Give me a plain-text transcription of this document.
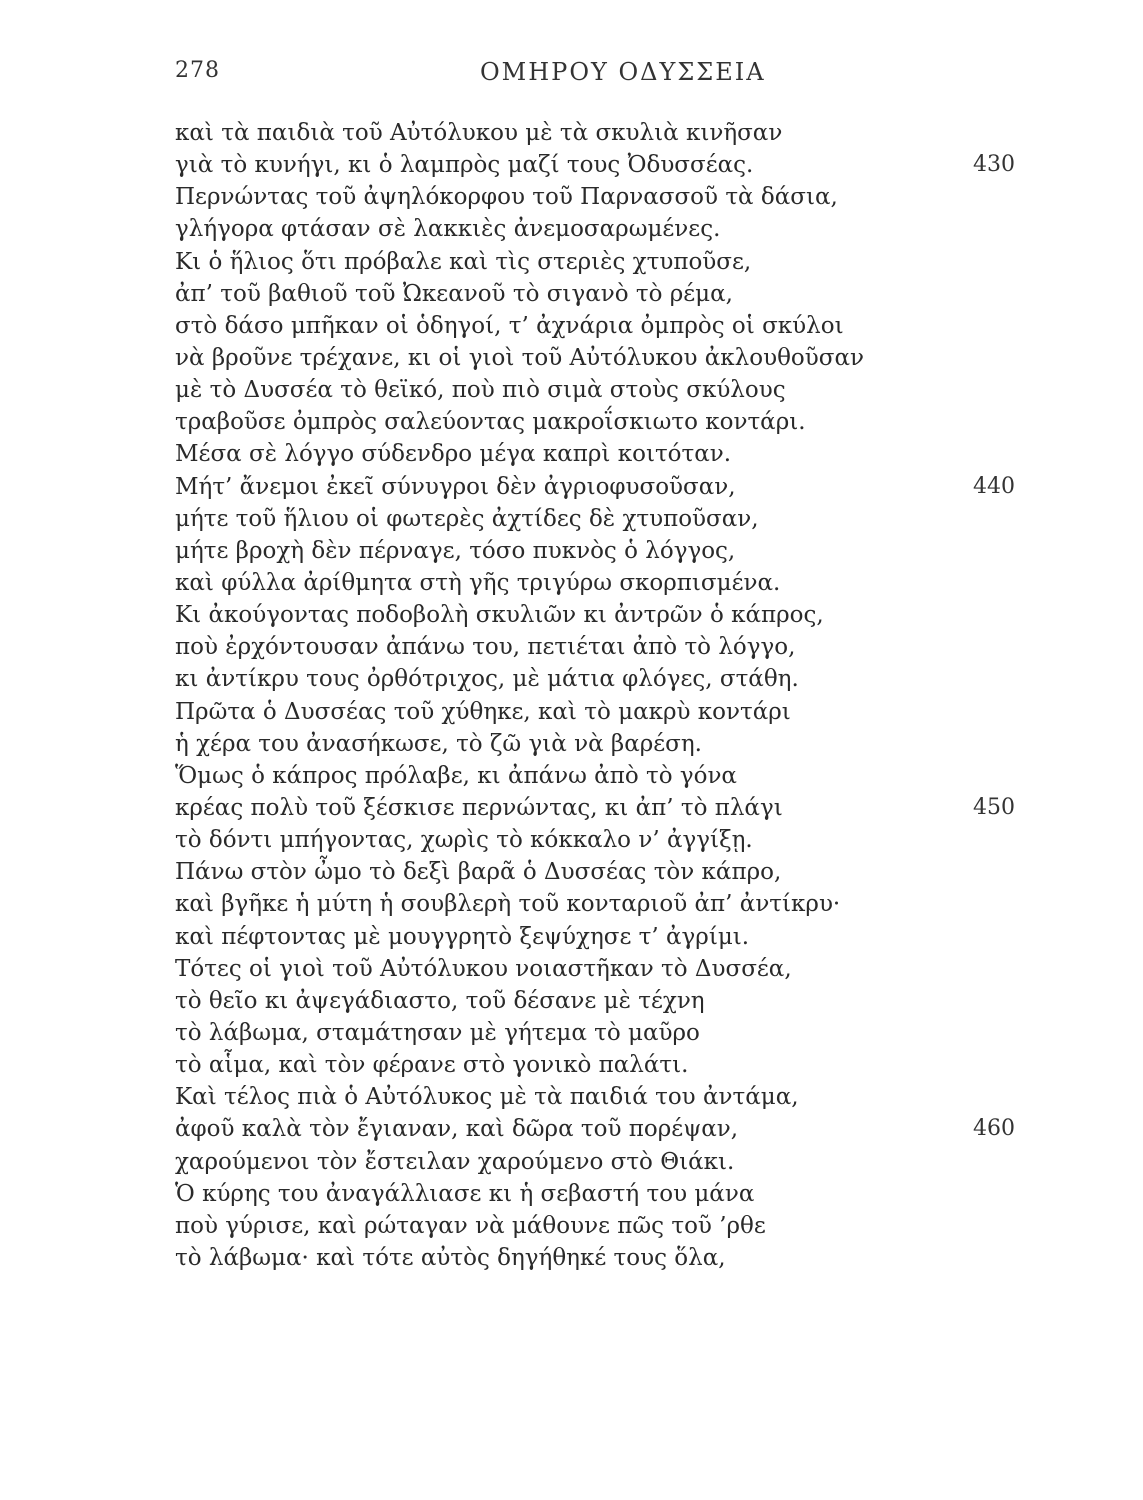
278	ΟΜΗΡΟΥ ΟΔΥΣΣΕΙΑ
καὶ τὰ παιδιὰ τοῦ Αὐτόλυκου μὲ τὰ σκυλιὰ κινῆσαν
γιὰ τὸ κυνήγι, κι ὁ λαμπρὸς μαζί τους Ὀδυσσέας.	430
Περνώντας τοῦ ἀψηλόκορφου τοῦ Παρνασσοῦ τὰ δάσια,
γλήγορα φτάσαν σὲ λακκιὲς ἀνεμοσαρωμένες.
Κι ὁ ἥλιος ὅτι πρόβαλε καὶ τὶς στεριὲς χτυποῦσε,
ἀπ’ τοῦ βαθιοῦ τοῦ Ὠκεανοῦ τὸ σιγανὸ τὸ ρέμα,
στὸ δάσο μπῆκαν οἱ ὁδηγοί, τ’ ἀχνάρια ὀμπρὸς οἱ σκύλοι
νὰ βροῦνε τρέχανε, κι οἱ γιοὶ τοῦ Αὐτόλυκου ἀκλουθοῦσαν
μὲ τὸ Δυσσέα τὸ θεϊκό, ποὺ πιὸ σιμὰ στοὺς σκύλους
τραβοῦσε ὀμπρὸς σαλεύοντας μακροΐσκιωτο κοντάρι.
Μέσα σὲ λόγγο σύδενδρο μέγα καπρὶ κοιτόταν.
Μήτ’ ἄνεμοι ἐκεῖ σύνυγροι δὲν ἀγριοφυσοῦσαν,	440
μήτε τοῦ ἥλιου οἱ φωτερὲς ἀχτίδες δὲ χτυποῦσαν,
μήτε βροχὴ δὲν πέρναγε, τόσο πυκνὸς ὁ λόγγος,
καὶ φύλλα ἀρίθμητα στὴ γῆς τριγύρω σκορπισμένα.
Κι ἀκούγοντας ποδοβολὴ σκυλιῶν κι ἀντρῶν ὁ κάπρος,
ποὺ ἐρχόντουσαν ἀπάνω του, πετιέται ἀπὸ τὸ λόγγο,
κι ἀντίκρυ τους ὀρθότριχος, μὲ μάτια φλόγες, στάθη.
Πρῶτα ὁ Δυσσέας τοῦ χύθηκε, καὶ τὸ μακρὺ κοντάρι
ἡ χέρα του ἀνασήκωσε, τὸ ζῶ γιὰ νὰ βαρέση.
Ὅμως ὁ κάπρος πρόλαβε, κι ἀπάνω ἀπὸ τὸ γόνα
κρέας πολὺ τοῦ ξέσκισε περνώντας, κι ἀπ’ τὸ πλάγι	450
τὸ δόντι μπήγοντας, χωρὶς τὸ κόκκαλο ν’ ἀγγίξῃ.
Πάνω στὸν ὦμο τὸ δεξὶ βαρᾶ ὁ Δυσσέας τὸν κάπρο,
καὶ βγῆκε ἡ μύτη ἡ σουβλερὴ τοῦ κονταριοῦ ἀπ’ ἀντίκρυ·
καὶ πέφτοντας μὲ μουγγρητὸ ξεψύχησε τ’ ἀγρίμι.
Τότες οἱ γιοὶ τοῦ Αὐτόλυκου νοιαστῆκαν τὸ Δυσσέα,
τὸ θεῖο κι ἀψεγάδιαστο, τοῦ δέσανε μὲ τέχνη
τὸ λάβωμα, σταμάτησαν μὲ γήτεμα τὸ μαῦρο
τὸ αἷμα, καὶ τὸν φέρανε στὸ γονικὸ παλάτι.
Καὶ τέλος πιὰ ὁ Αὐτόλυκος μὲ τὰ παιδιά του ἀντάμα,
ἀφοῦ καλὰ τὸν ἔγιαναν, καὶ δῶρα τοῦ πορέψαν,	460
χαρούμενοι τὸν ἔστειλαν χαρούμενο στὸ Θιάκι.
Ὁ κύρης του ἀναγάλλιασε κι ἡ σεβαστή του μάνα
ποὺ γύρισε, καὶ ρώταγαν νὰ μάθουνε πῶς τοῦ ’ρθε
τὸ λάβωμα· καὶ τότε αὐτὸς δηγήθηκέ τους ὅλα,
